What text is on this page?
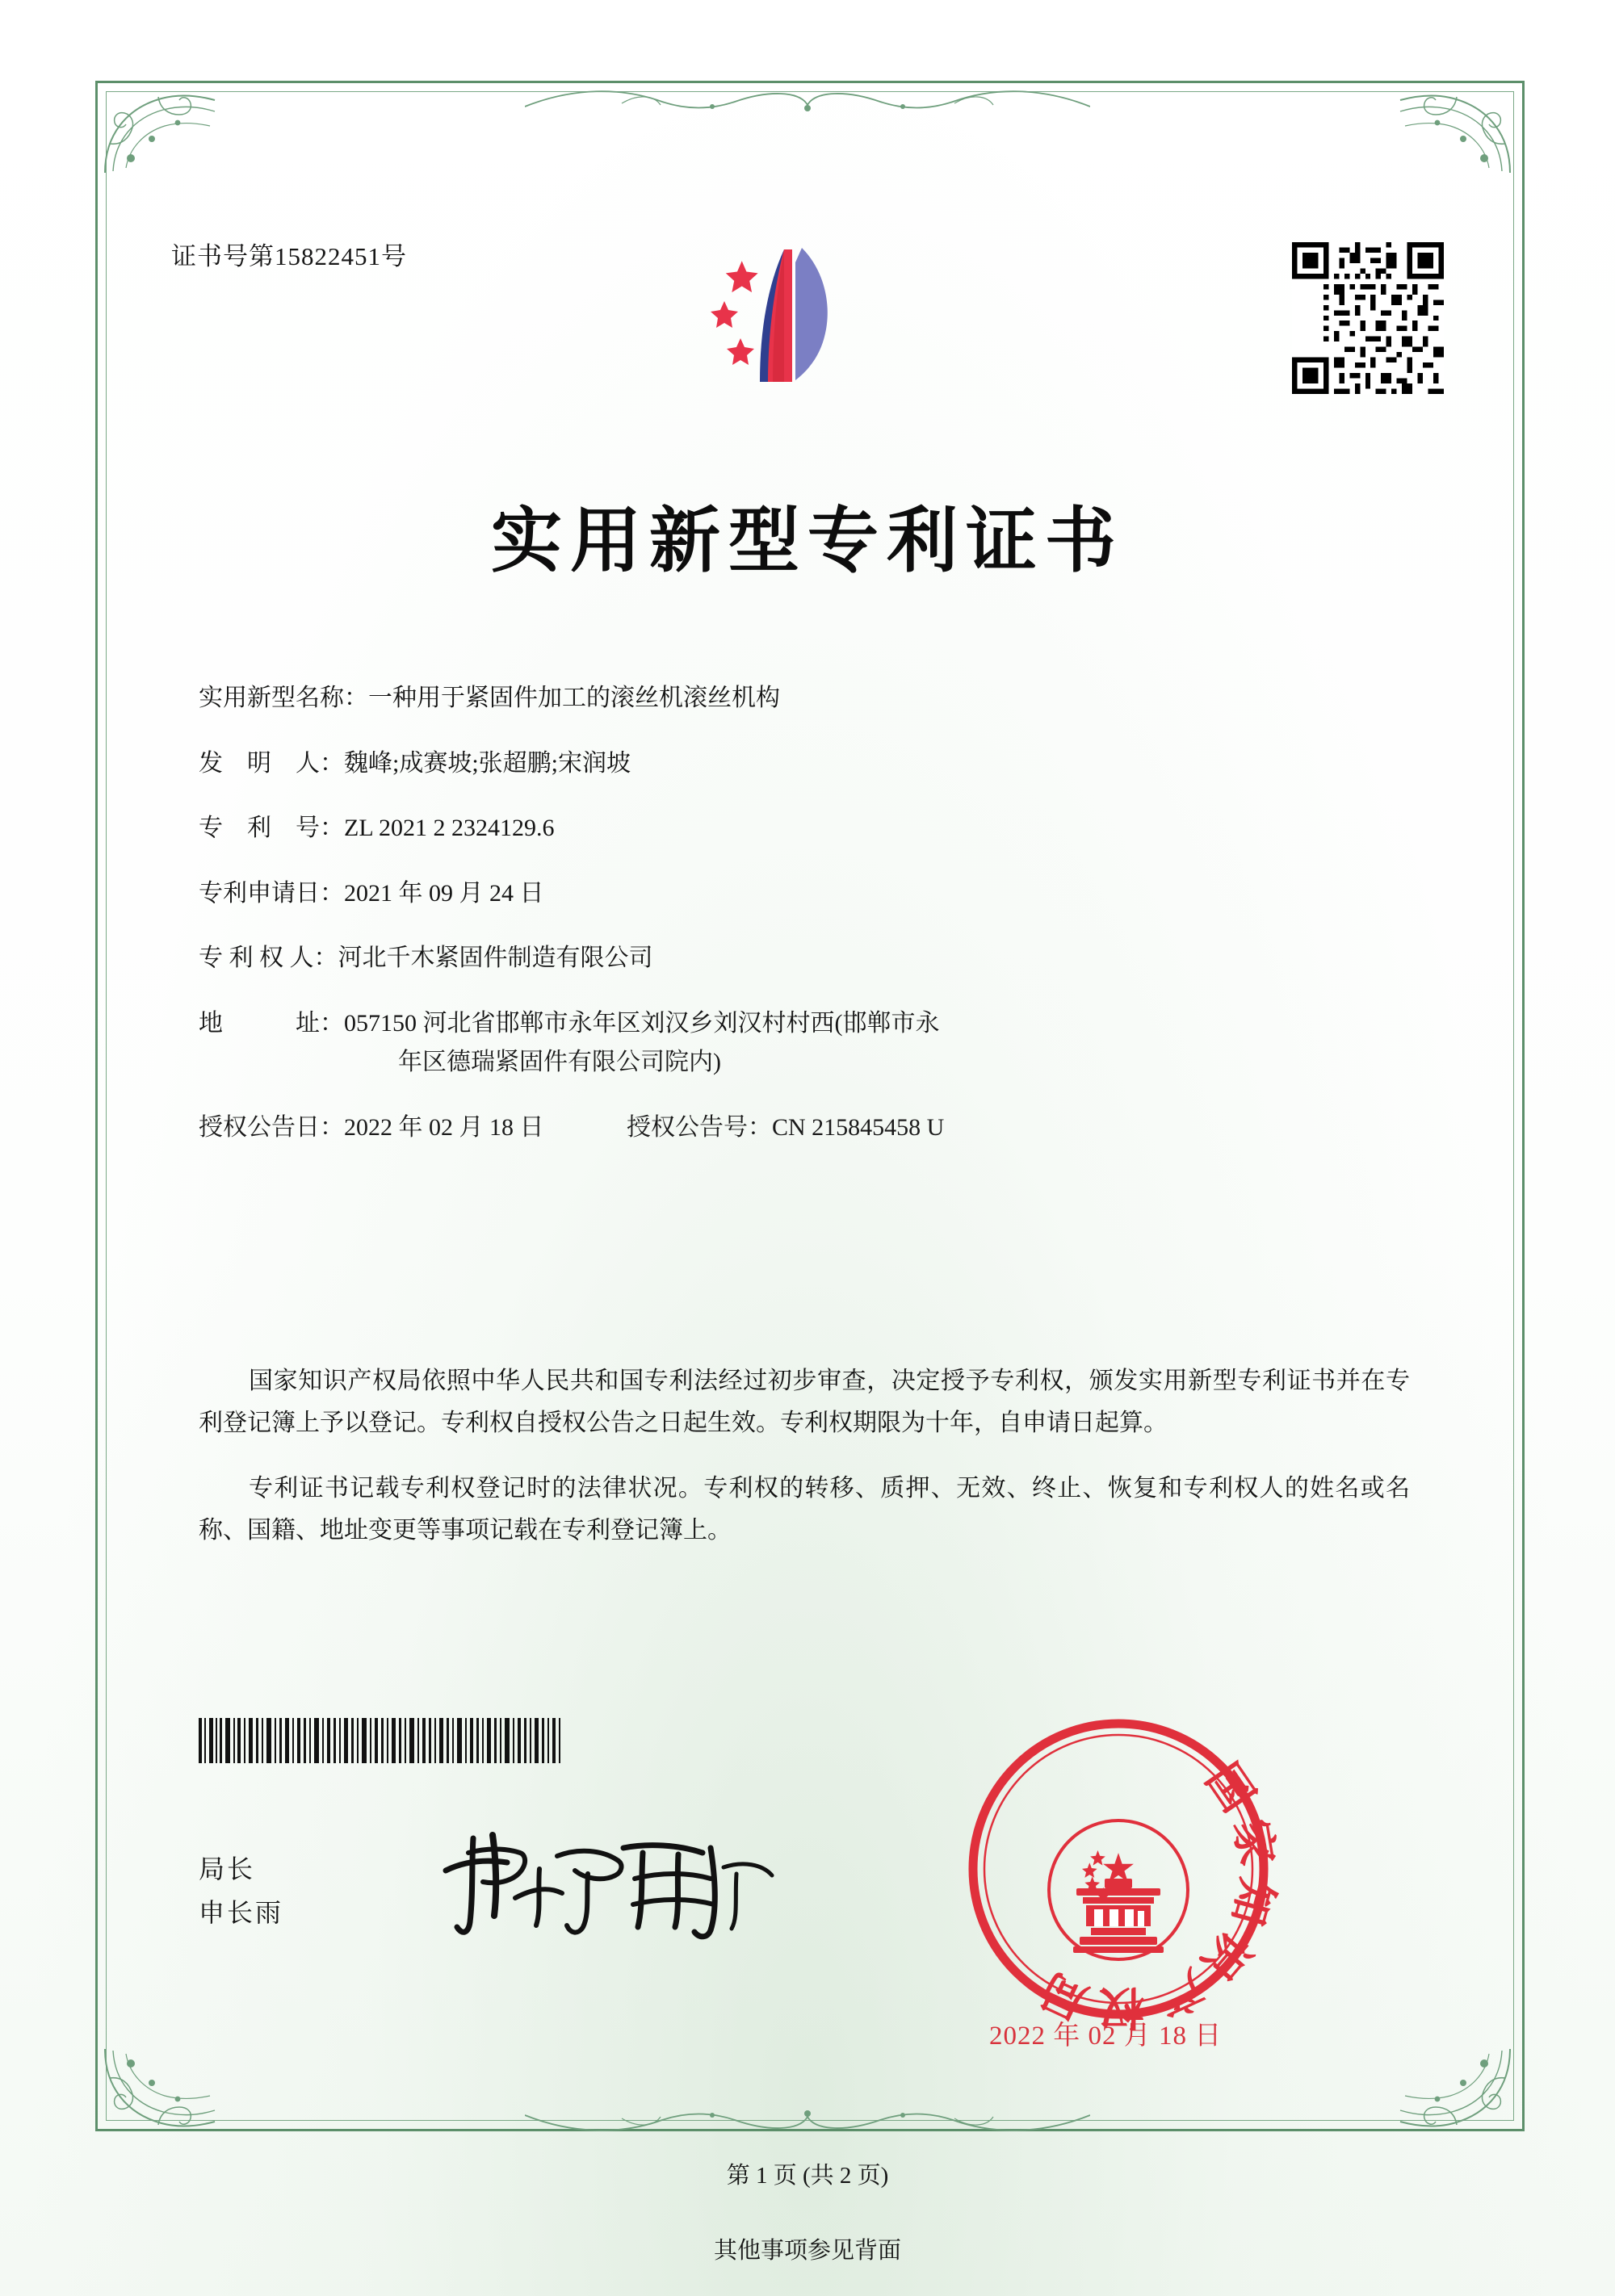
证书号第15822451号
实用新型专利证书
实用新型名称： 一种用于紧固件加工的滚丝机滚丝机构
发　明　人： 魏峰;成赛坡;张超鹏;宋润坡
专　利　号： ZL 2021 2 2324129.6
专利申请日： 2021 年 09 月 24 日
专 利 权 人： 河北千木紧固件制造有限公司
地　　　址： 057150 河北省邯郸市永年区刘汉乡刘汉村村西(邯郸市永
年区德瑞紧固件有限公司院内)
授权公告日：2022 年 02 月 18 日	授权公告号：CN 215845458 U

国家知识产权局依照中华人民共和国专利法经过初步审查，决定授予专利权，颁发实用新型专利证书并在专利登记簿上予以登记。专利权自授权公告之日起生效。专利权期限为十年，自申请日起算。

专利证书记载专利权登记时的法律状况。专利权的转移、质押、无效、终止、恢复和专利权人的姓名或名称、国籍、地址变更等事项记载在专利登记簿上。

局长
申长雨
国家知识产权局
2022 年 02 月 18 日
第 1 页 (共 2 页)
其他事项参见背面
